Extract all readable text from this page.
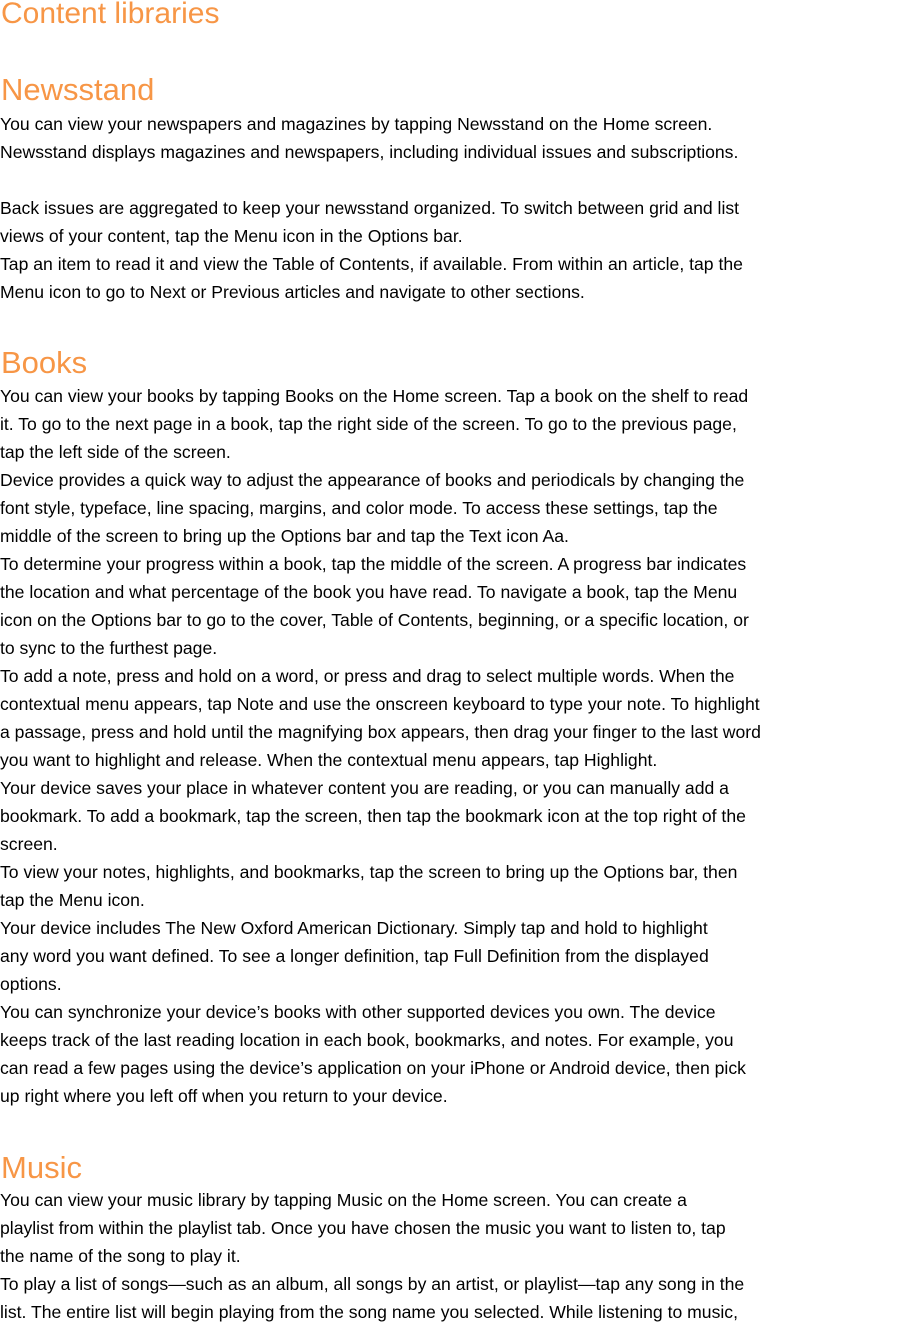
Content libraries
Newsstand

You can view your newspapers and magazines by tapping Newsstand on the Home screen.

Newsstand displays magazines and newspapers, including individual issues and subscriptions.

Back issues are aggregated to keep your newsstand organized. To switch between grid and list

views of your content, tap the Menu icon in the Options bar.

Tap an item to read it and view the Table of Contents, if available. From within an article, tap the

Menu icon to go to Next or Previous articles and navigate to other sections.

Books

You can view your books by tapping Books on the Home screen. Tap a book on the shelf to read

it. To go to the next page in a book, tap the right side of the screen. To go to the previous page,

tap the left side of the screen.

Device provides a quick way to adjust the appearance of books and periodicals by changing the

font style, typeface, line spacing, margins, and color mode. To access these settings, tap the

middle of the screen to bring up the Options bar and tap the Text icon Aa.

To determine your progress within a book, tap the middle of the screen. A progress bar indicates

the location and what percentage of the book you have read. To navigate a book, tap the Menu

icon on the Options bar to go to the cover, Table of Contents, beginning, or a specific location, or

to sync to the furthest page.

To add a note, press and hold on a word, or press and drag to select multiple words. When the

contextual menu appears, tap Note and use the onscreen keyboard to type your note. To highlight

a passage, press and hold until the magnifying box appears, then drag your finger to the last word

you want to highlight and release. When the contextual menu appears, tap Highlight.

Your device saves your place in whatever content you are reading, or you can manually add a

bookmark. To add a bookmark, tap the screen, then tap the bookmark icon at the top right of the

screen.

To view your notes, highlights, and bookmarks, tap the screen to bring up the Options bar, then

tap the Menu icon.

Your device includes The New Oxford American Dictionary. Simply tap and hold to highlight

any word you want defined. To see a longer definition, tap Full Definition from the displayed

options.

You can synchronize your device’s books with other supported devices you own. The device

keeps track of the last reading location in each book, bookmarks, and notes. For example, you

can read a few pages using the device’s application on your iPhone or Android device, then pick

up right where you left off when you return to your device.

Music

You can view your music library by tapping Music on the Home screen. You can create a

playlist from within the playlist tab. Once you have chosen the music you want to listen to, tap

the name of the song to play it.

To play a list of songs—such as an album, all songs by an artist, or playlist—tap any song in the

list. The entire list will begin playing from the song name you selected. While listening to music,
